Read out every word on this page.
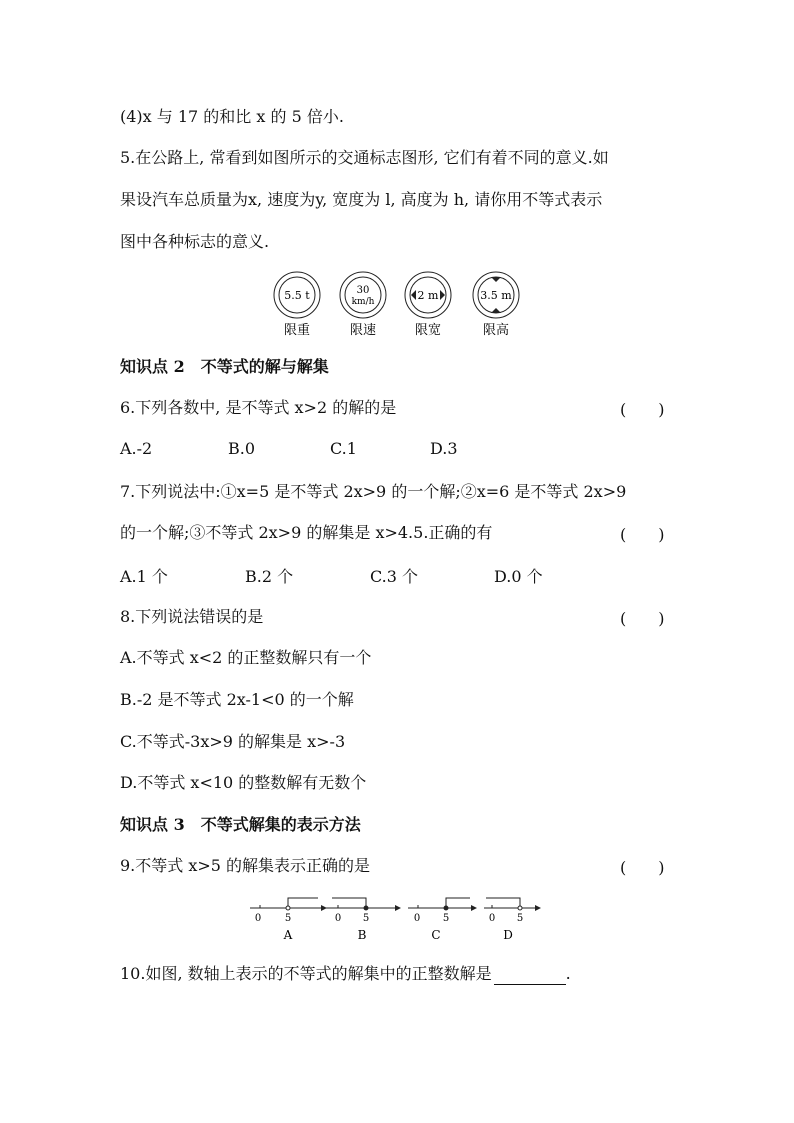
(4)x 与 17 的和比 x 的 5 倍小.
5.在公路上, 常看到如图所示的交通标志图形, 它们有着不同的意义.如
果设汽车总质量为x, 速度为y, 宽度为 l, 高度为 h, 请你用不等式表示
图中各种标志的意义.
5.5 t
限重
30
km/h
限速
2 m
限宽
3.5 m
限高
知识点 2　不等式的解与解集
6.下列各数中, 是不等式 x>2 的解的是	(　　)
A.-2	B.0	C.1	D.3
7.下列说法中:①x=5 是不等式 2x>9 的一个解;②x=6 是不等式 2x>9
的一个解;③不等式 2x>9 的解集是 x>4.5.正确的有	(　　)
A.1 个	B.2 个	C.3 个	D.0 个
8.下列说法错误的是	(　　)
A.不等式 x<2 的正整数解只有一个
B.-2 是不等式 2x-1<0 的一个解
C.不等式-3x>9 的解集是 x>-3
D.不等式 x<10 的整数解有无数个
知识点 3　不等式解集的表示方法
9.不等式 x>5 的解集表示正确的是	(　　)
0 5
A
0 5
B
0 5
C
0 5
D
10.如图, 数轴上表示的不等式的解集中的正整数解是	.
